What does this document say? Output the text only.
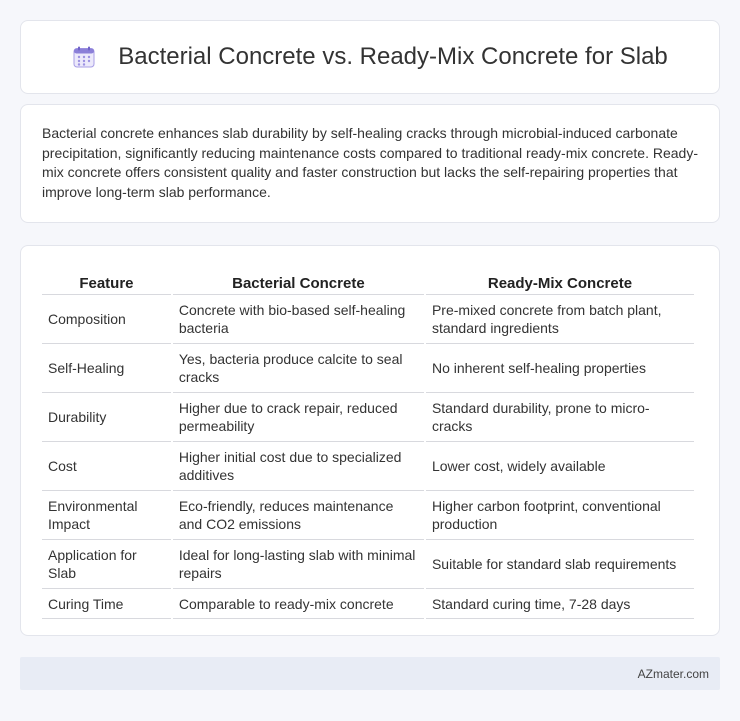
Bacterial Concrete vs. Ready-Mix Concrete for Slab

Bacterial concrete enhances slab durability by self-healing cracks through microbial-induced carbonate precipitation, significantly reducing maintenance costs compared to traditional ready-mix concrete. Ready-mix concrete offers consistent quality and faster construction but lacks the self-repairing properties that improve long-term slab performance.

Feature	Bacterial Concrete	Ready-Mix Concrete
Composition	Concrete with bio-based self-healing bacteria	Pre-mixed concrete from batch plant, standard ingredients
Self-Healing	Yes, bacteria produce calcite to seal cracks	No inherent self-healing properties
Durability	Higher due to crack repair, reduced permeability	Standard durability, prone to micro-cracks
Cost	Higher initial cost due to specialized additives	Lower cost, widely available
Environmental Impact	Eco-friendly, reduces maintenance and CO2 emissions	Higher carbon footprint, conventional production
Application for Slab	Ideal for long-lasting slab with minimal repairs	Suitable for standard slab requirements
Curing Time	Comparable to ready-mix concrete	Standard curing time, 7-28 days
AZmater.com
